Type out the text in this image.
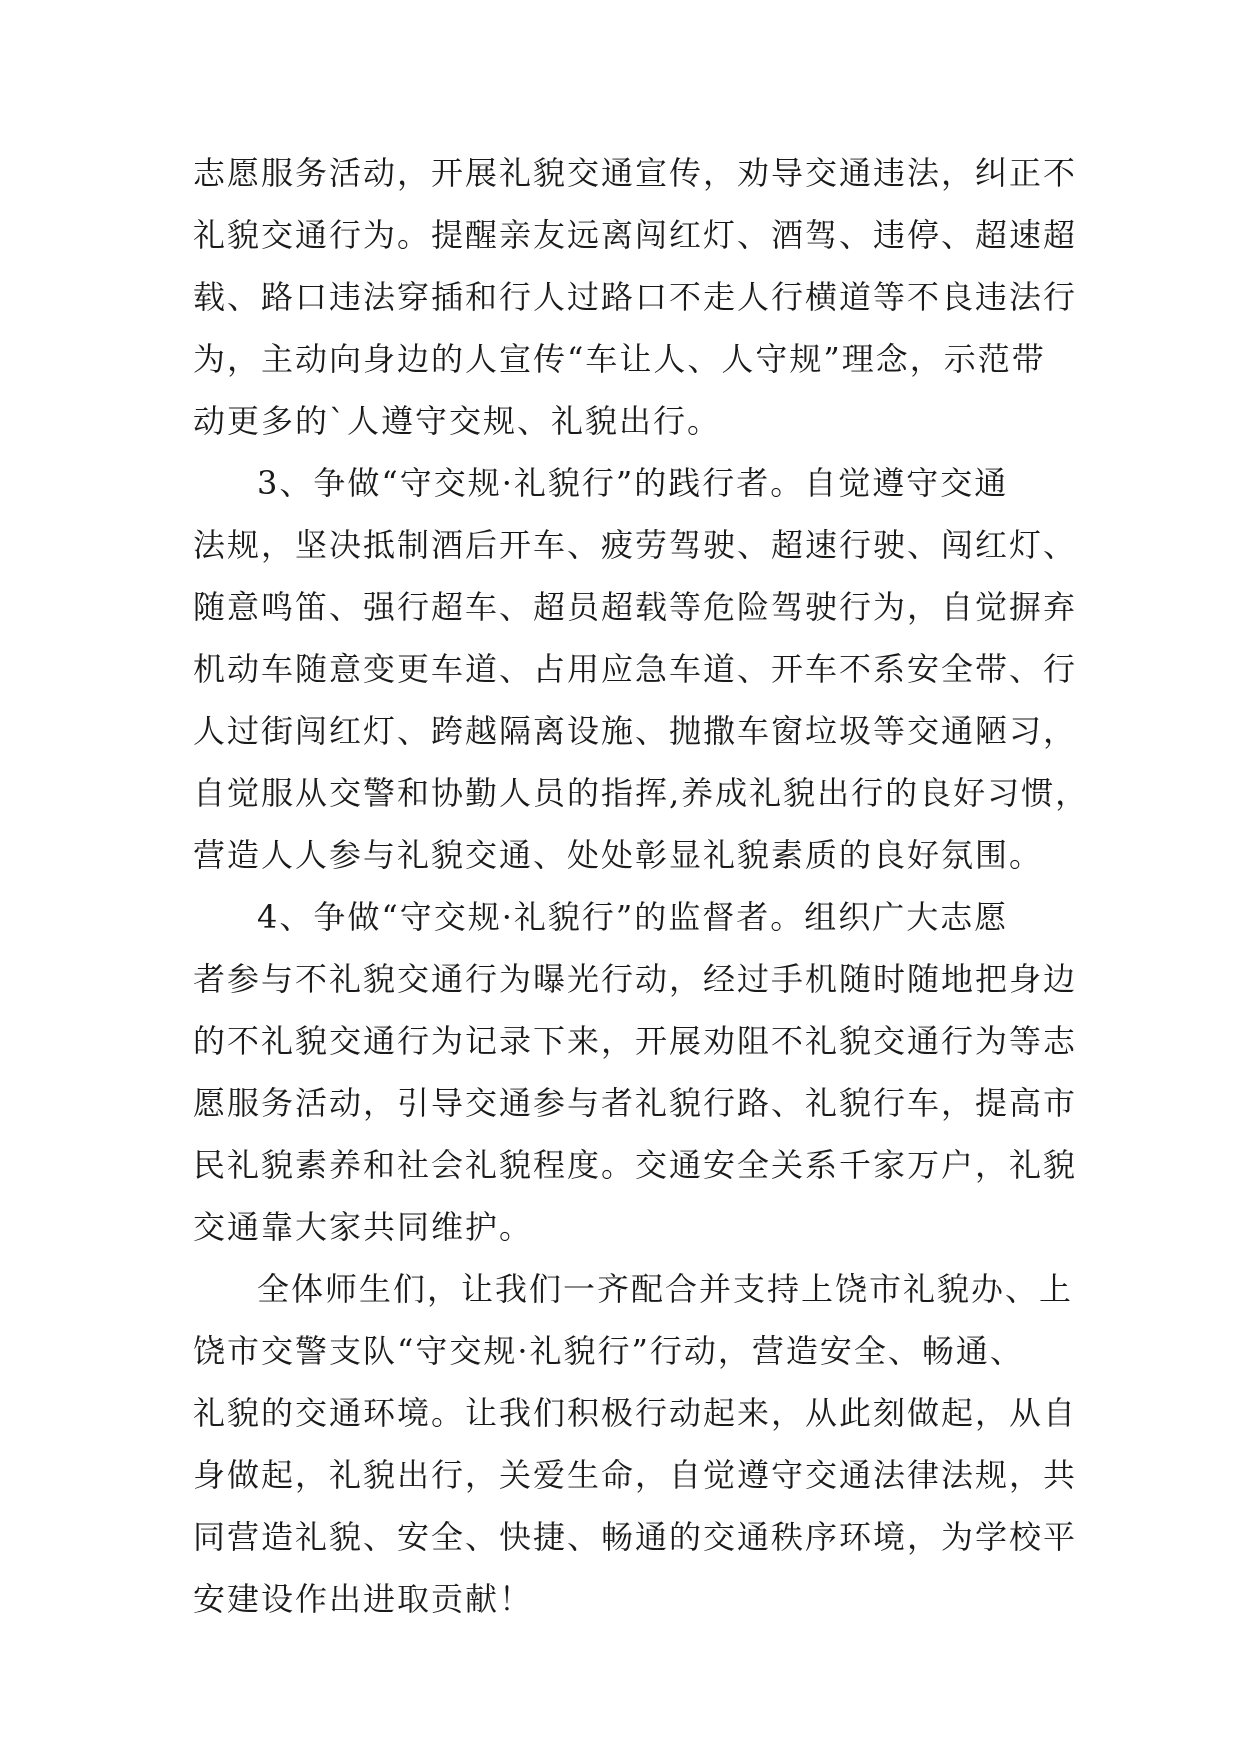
志愿服务活动，开展礼貌交通宣传，劝导交通违法，纠正不
礼貌交通行为。提醒亲友远离闯红灯、酒驾、违停、超速超
载、路口违法穿插和行人过路口不走人行横道等不良违法行
为，主动向身边的人宣传“车让人、人守规”理念，示范带
动更多的`人遵守交规、礼貌出行。
3、争做“守交规·礼貌行”的践行者。自觉遵守交通
法规，坚决抵制酒后开车、疲劳驾驶、超速行驶、闯红灯、
随意鸣笛、强行超车、超员超载等危险驾驶行为，自觉摒弃
机动车随意变更车道、占用应急车道、开车不系安全带、行
人过街闯红灯、跨越隔离设施、抛撒车窗垃圾等交通陋习，
自觉服从交警和协勤人员的指挥,养成礼貌出行的良好习惯，
营造人人参与礼貌交通、处处彰显礼貌素质的良好氛围。
4、争做“守交规·礼貌行”的监督者。组织广大志愿
者参与不礼貌交通行为曝光行动，经过手机随时随地把身边
的不礼貌交通行为记录下来，开展劝阻不礼貌交通行为等志
愿服务活动，引导交通参与者礼貌行路、礼貌行车，提高市
民礼貌素养和社会礼貌程度。交通安全关系千家万户，礼貌
交通靠大家共同维护。
全体师生们，让我们一齐配合并支持上饶市礼貌办、上
饶市交警支队“守交规·礼貌行”行动，营造安全、畅通、
礼貌的交通环境。让我们积极行动起来，从此刻做起，从自
身做起，礼貌出行，关爱生命，自觉遵守交通法律法规，共
同营造礼貌、安全、快捷、畅通的交通秩序环境，为学校平
安建设作出进取贡献！
